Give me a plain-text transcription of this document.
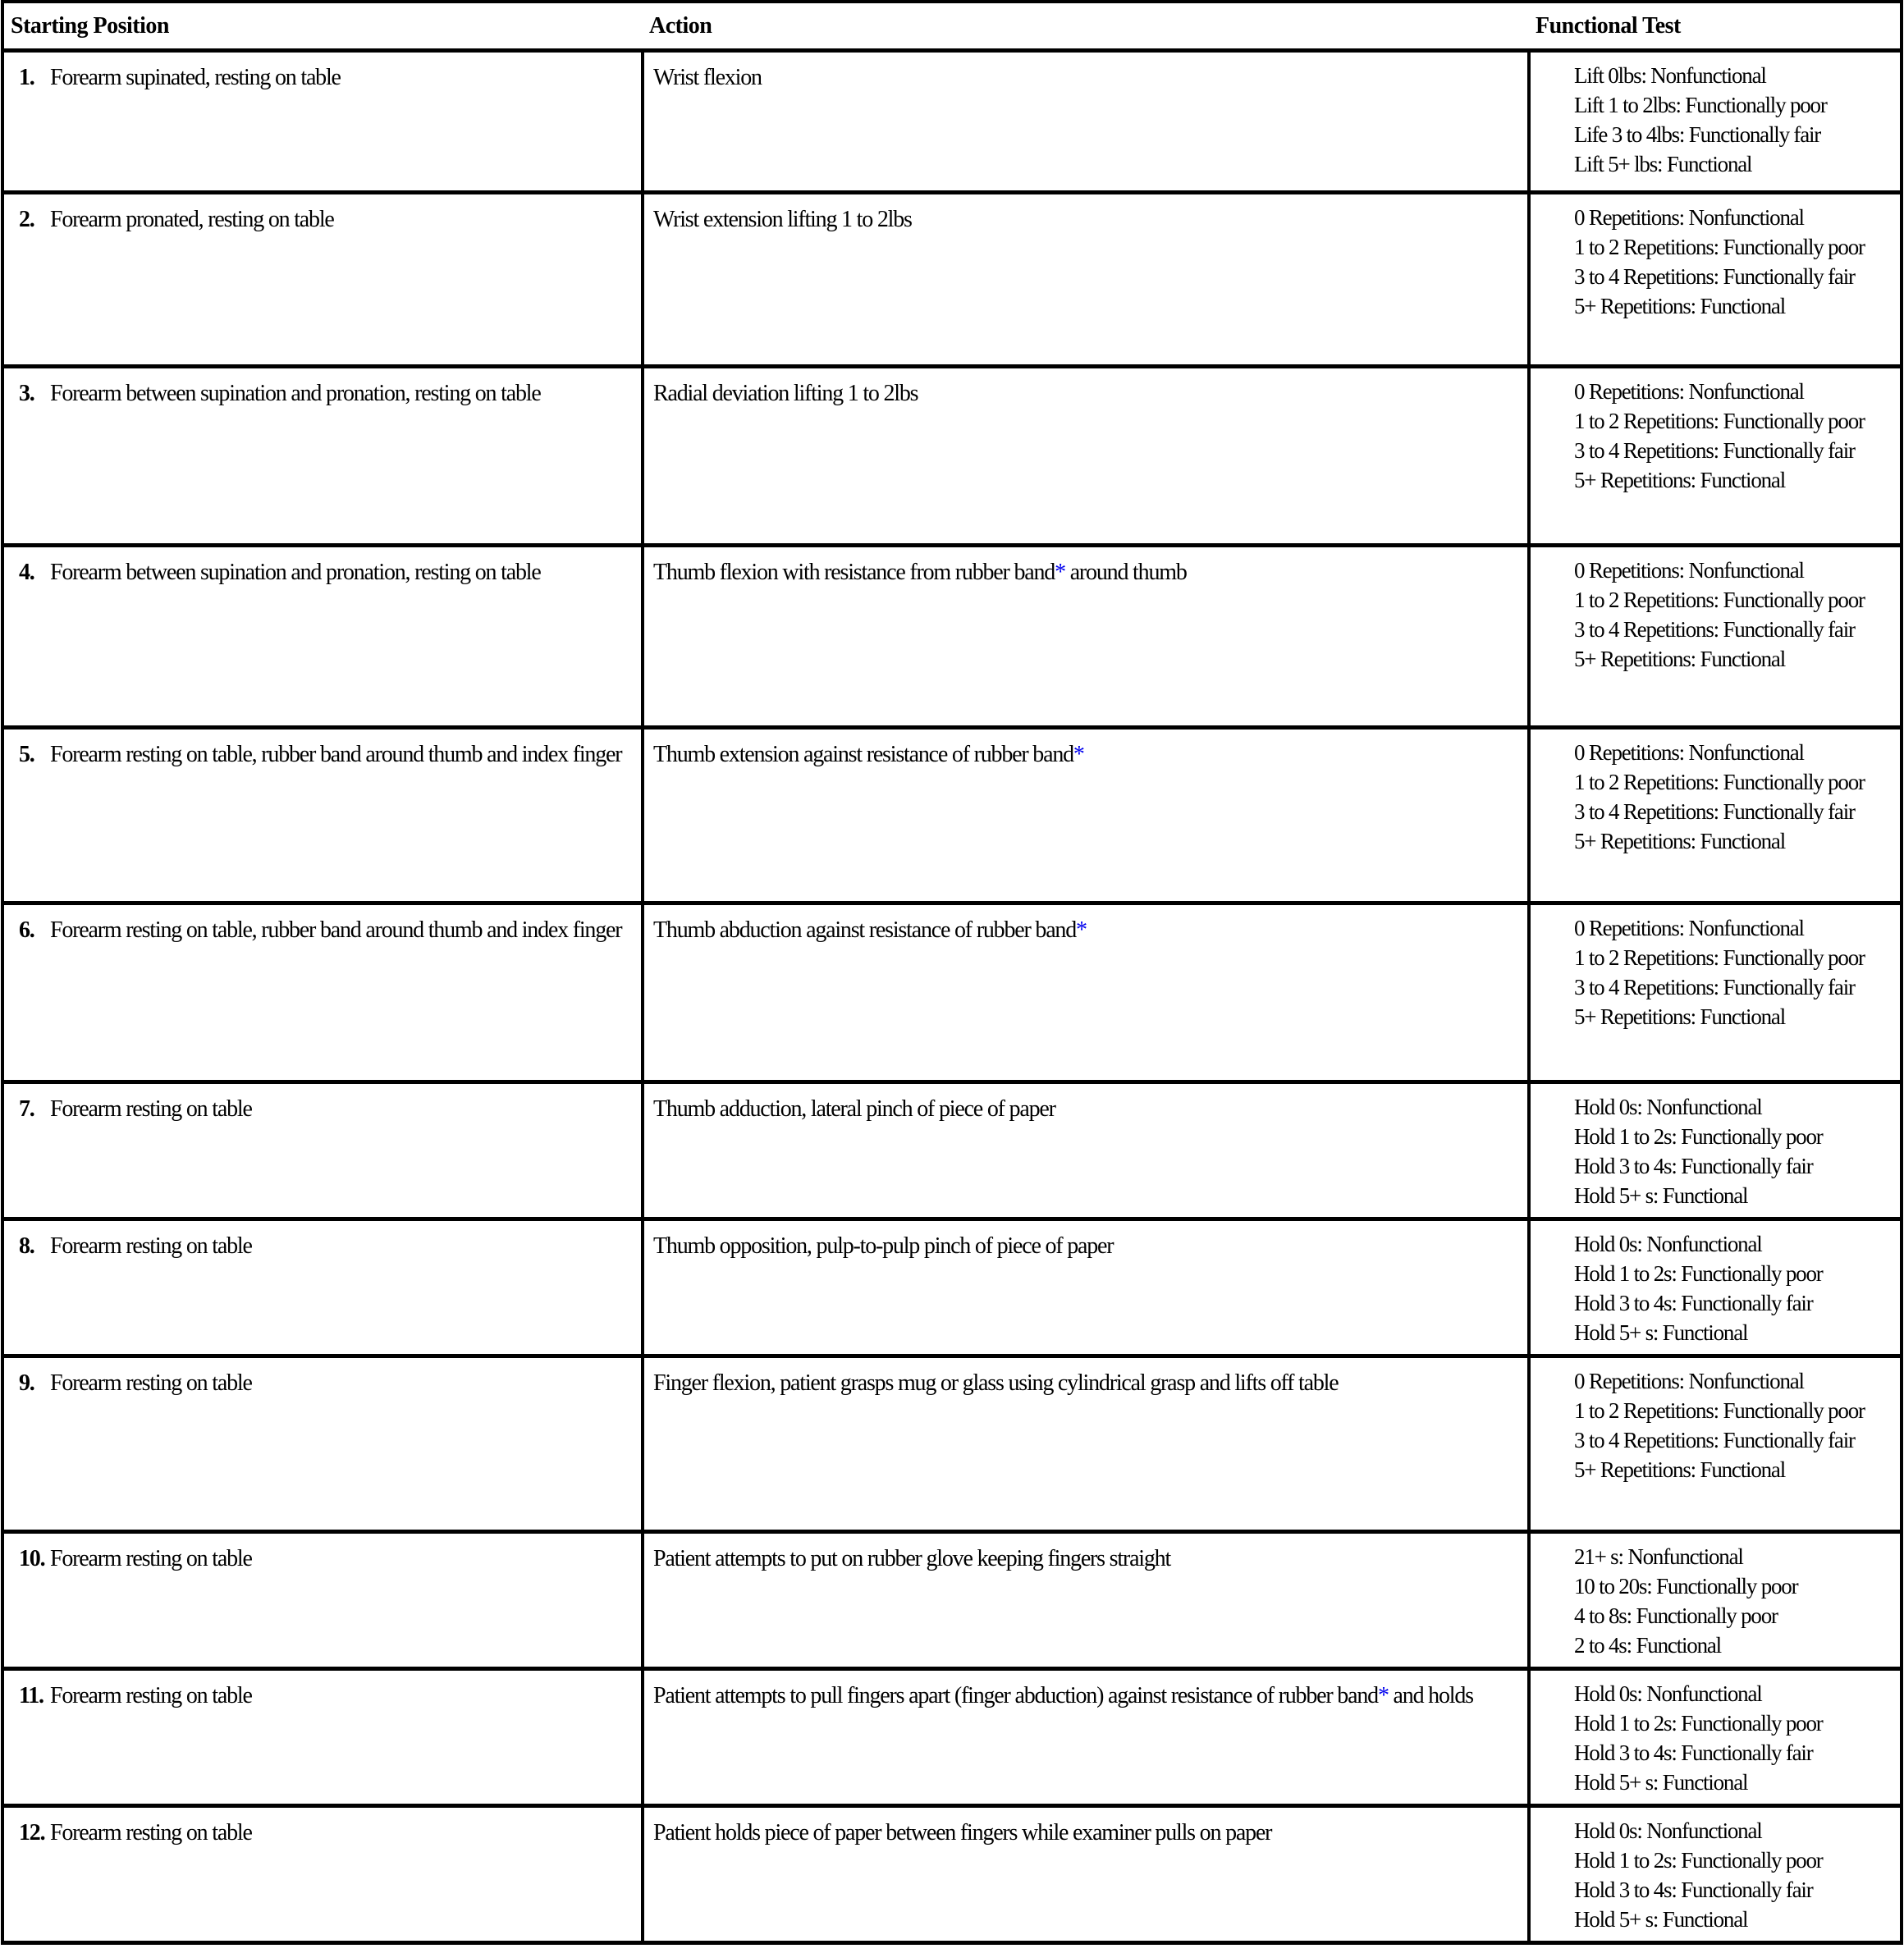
Starting Position	Action	Functional Test

1. Forearm supinated, resting on table	Wrist flexion	Lift 0lbs: Nonfunctional
Lift 1 to 2lbs: Functionally poor
Life 3 to 4lbs: Functionally fair
Lift 5+ lbs: Functional

2. Forearm pronated, resting on table	Wrist extension lifting 1 to 2lbs	0 Repetitions: Nonfunctional
1 to 2 Repetitions: Functionally poor
3 to 4 Repetitions: Functionally fair
5+ Repetitions: Functional

3. Forearm between supination and pronation, resting on table	Radial deviation lifting 1 to 2lbs	0 Repetitions: Nonfunctional
1 to 2 Repetitions: Functionally poor
3 to 4 Repetitions: Functionally fair
5+ Repetitions: Functional

4. Forearm between supination and pronation, resting on table	Thumb flexion with resistance from rubber band* around thumb	0 Repetitions: Nonfunctional
1 to 2 Repetitions: Functionally poor
3 to 4 Repetitions: Functionally fair
5+ Repetitions: Functional

5. Forearm resting on table, rubber band around thumb and index finger	Thumb extension against resistance of rubber band*	0 Repetitions: Nonfunctional
1 to 2 Repetitions: Functionally poor
3 to 4 Repetitions: Functionally fair
5+ Repetitions: Functional

6. Forearm resting on table, rubber band around thumb and index finger	Thumb abduction against resistance of rubber band*	0 Repetitions: Nonfunctional
1 to 2 Repetitions: Functionally poor
3 to 4 Repetitions: Functionally fair
5+ Repetitions: Functional

7. Forearm resting on table	Thumb adduction, lateral pinch of piece of paper	Hold 0s: Nonfunctional
Hold 1 to 2s: Functionally poor
Hold 3 to 4s: Functionally fair
Hold 5+ s: Functional

8. Forearm resting on table	Thumb opposition, pulp-to-pulp pinch of piece of paper	Hold 0s: Nonfunctional
Hold 1 to 2s: Functionally poor
Hold 3 to 4s: Functionally fair
Hold 5+ s: Functional

9. Forearm resting on table	Finger flexion, patient grasps mug or glass using cylindrical grasp and lifts off table	0 Repetitions: Nonfunctional
1 to 2 Repetitions: Functionally poor
3 to 4 Repetitions: Functionally fair
5+ Repetitions: Functional

10. Forearm resting on table	Patient attempts to put on rubber glove keeping fingers straight	21+ s: Nonfunctional
10 to 20s: Functionally poor
4 to 8s: Functionally poor
2 to 4s: Functional

11. Forearm resting on table	Patient attempts to pull fingers apart (finger abduction) against resistance of rubber band* and holds	Hold 0s: Nonfunctional
Hold 1 to 2s: Functionally poor
Hold 3 to 4s: Functionally fair
Hold 5+ s: Functional

12. Forearm resting on table	Patient holds piece of paper between fingers while examiner pulls on paper	Hold 0s: Nonfunctional
Hold 1 to 2s: Functionally poor
Hold 3 to 4s: Functionally fair
Hold 5+ s: Functional
